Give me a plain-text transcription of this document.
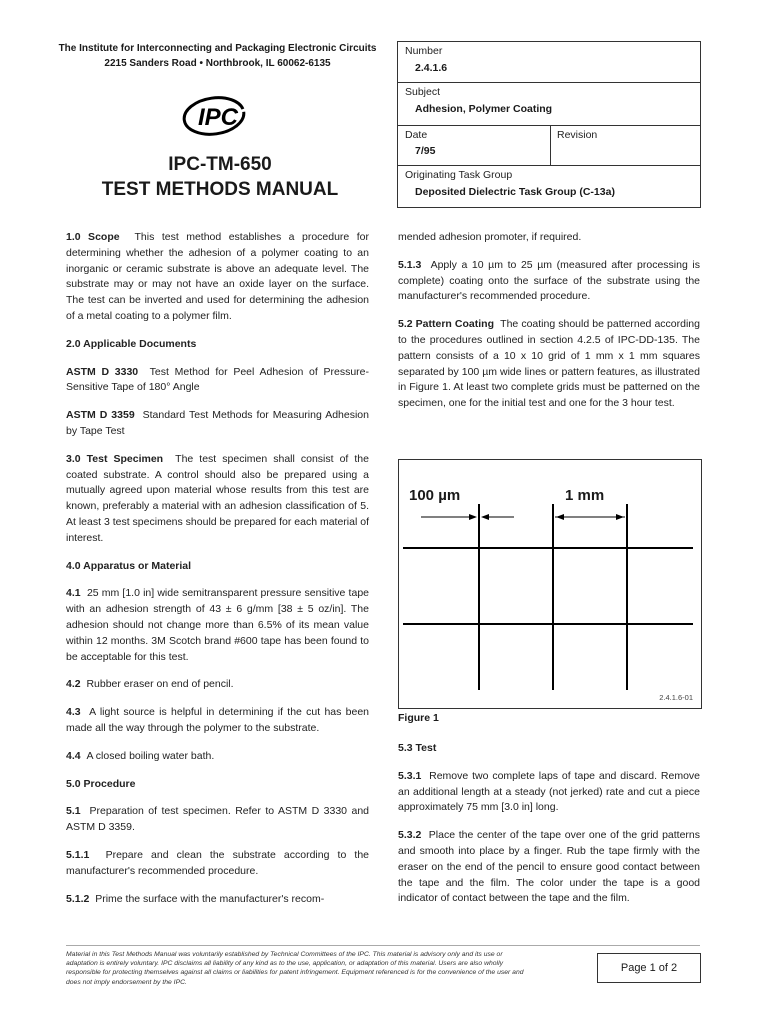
The Institute for Interconnecting and Packaging Electronic Circuits
2215 Sanders Road • Northbrook, IL 60062-6135
IPC
IPC-TM-650
TEST METHODS MANUAL
Number
2.4.1.6
Subject
Adhesion, Polymer Coating
Date
7/95
Revision
Originating Task Group
Deposited Dielectric Task Group (C-13a)

1.0 Scope This test method establishes a procedure for determining whether the adhesion of a polymer coating to an inorganic or ceramic substrate is above an adequate level. The substrate may or may not have an oxide layer on the surface. The test can be inverted and used for determining the adhesion of a metal coating to a polymer film.

2.0 Applicable Documents

ASTM D 3330 Test Method for Peel Adhesion of Pressure-Sensitive Tape of 180° Angle

ASTM D 3359 Standard Test Methods for Measuring Adhesion by Tape Test

3.0 Test Specimen The test specimen shall consist of the coated substrate. A control should also be prepared using a mutually agreed upon material whose results from this test are known, preferably a material with an adhesion classification of 5. At least 3 test specimens should be prepared for each material of interest.

4.0 Apparatus or Material

4.1 25 mm [1.0 in] wide semitransparent pressure sensitive tape with an adhesion strength of 43 ± 6 g/mm [38 ± 5 oz/in]. The adhesion should not change more than 6.5% of its mean value within 12 months. 3M Scotch brand #600 tape has been found to be acceptable for this test.

4.2 Rubber eraser on end of pencil.

4.3 A light source is helpful in determining if the cut has been made all the way through the polymer to the substrate.

4.4 A closed boiling water bath.

5.0 Procedure

5.1 Preparation of test specimen. Refer to ASTM D 3330 and ASTM D 3359.

5.1.1 Prepare and clean the substrate according to the manufacturer's recommended procedure.

5.1.2 Prime the surface with the manufacturer's recom-

mended adhesion promoter, if required.

5.1.3 Apply a 10 µm to 25 µm (measured after processing is complete) coating onto the surface of the substrate using the manufacturer's recommended procedure.

5.2 Pattern Coating The coating should be patterned according to the procedures outlined in section 4.2.5 of IPC-DD-135. The pattern consists of a 10 x 10 grid of 1 mm x 1 mm squares separated by 100 µm wide lines or pattern features, as illustrated in Figure 1. At least two complete grids must be patterned on the specimen, one for the initial test and one for the 3 hour test.

100 µm	1 mm
2.4.1.6-01
Figure 1

5.3 Test

5.3.1 Remove two complete laps of tape and discard. Remove an additional length at a steady (not jerked) rate and cut a piece approximately 75 mm [3.0 in] long.

5.3.2 Place the center of the tape over one of the grid patterns and smooth into place by a finger. Rub the tape firmly with the eraser on the end of the pencil to ensure good contact between the tape and the film. The color under the tape is a good indicator of contact between the tape and the film.

Material in this Test Methods Manual was voluntarily established by Technical Committees of the IPC. This material is advisory only and its use or adaptation is entirely voluntary. IPC disclaims all liability of any kind as to the use, application, or adaptation of this material. Users are also wholly responsible for protecting themselves against all claims or liabilities for patent infringement. Equipment referenced is for the convenience of the user and does not imply endorsement by the IPC.
Page 1 of 2
